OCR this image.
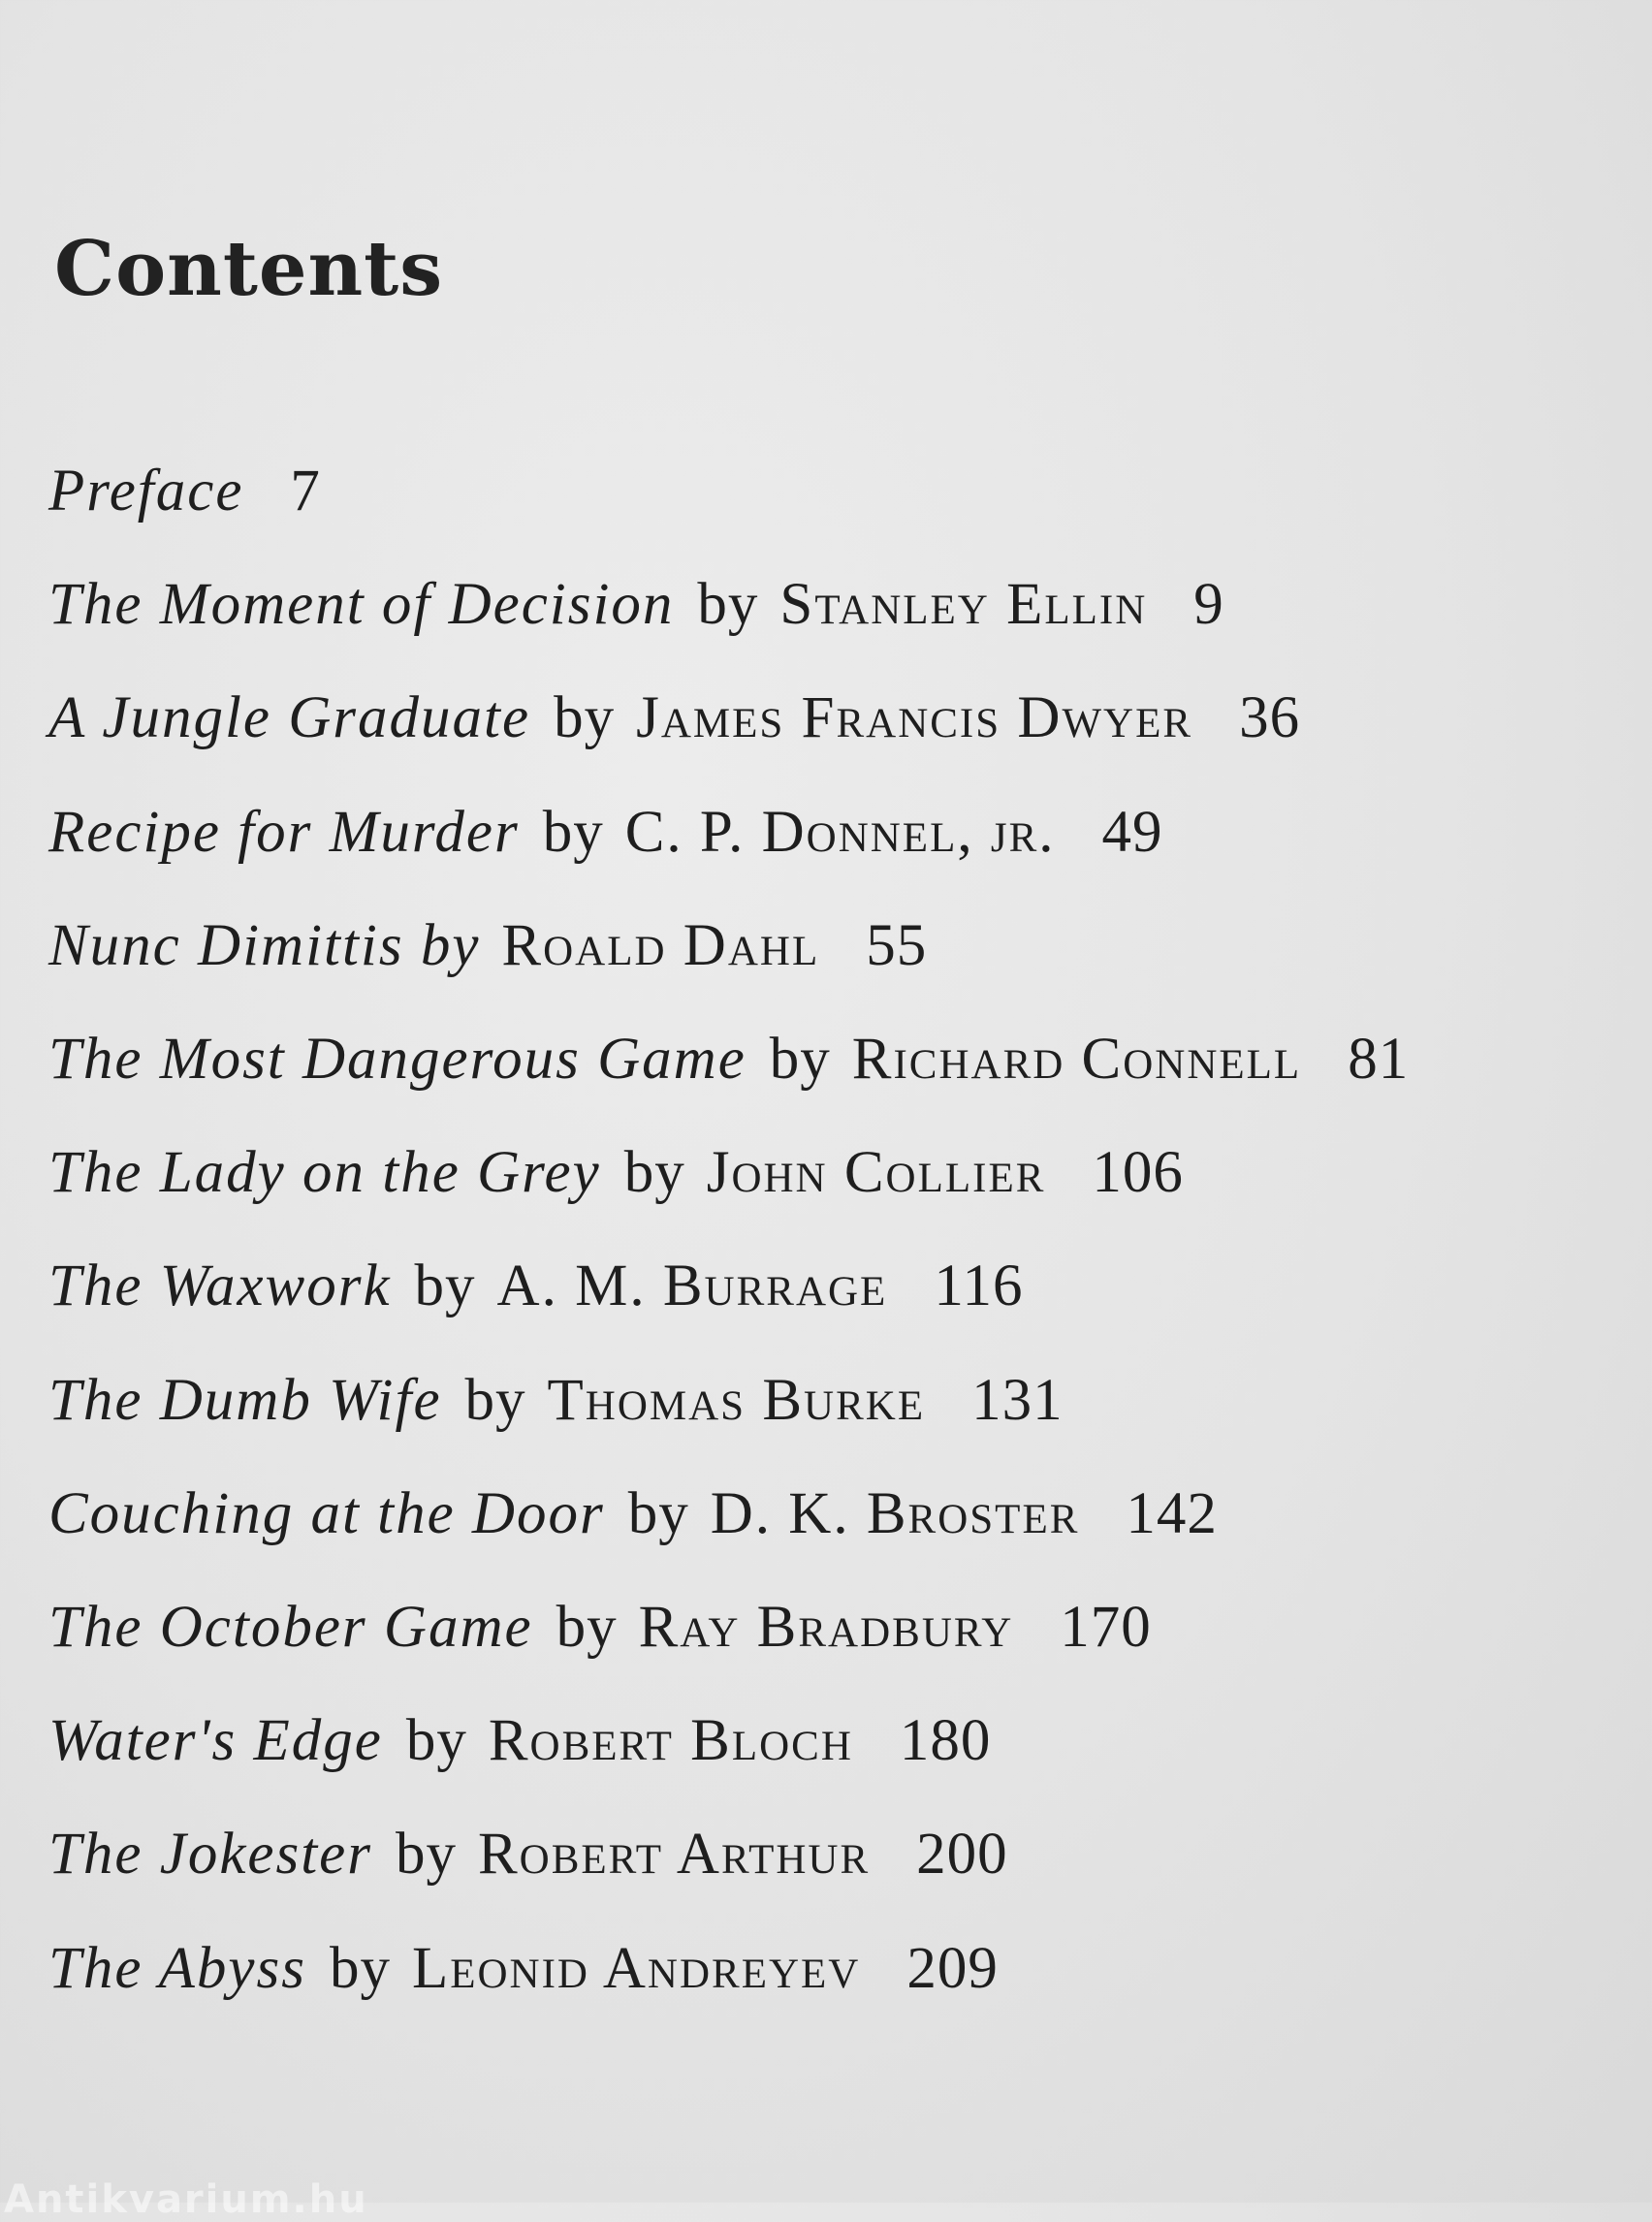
Contents
Preface 7
The Moment of Decision by Stanley Ellin 9
A Jungle Graduate by James Francis Dwyer 36
Recipe for Murder by C. P. Donnel, jr. 49
Nunc Dimittis by Roald Dahl 55
The Most Dangerous Game by Richard Connell 81
The Lady on the Grey by John Collier 106
The Waxwork by A. M. Burrage 116
The Dumb Wife by Thomas Burke 131
Couching at the Door by D. K. Broster 142
The October Game by Ray Bradbury 170
Water's Edge by Robert Bloch 180
The Jokester by Robert Arthur 200
The Abyss by Leonid Andreyev 209
Antikvarium.hu
